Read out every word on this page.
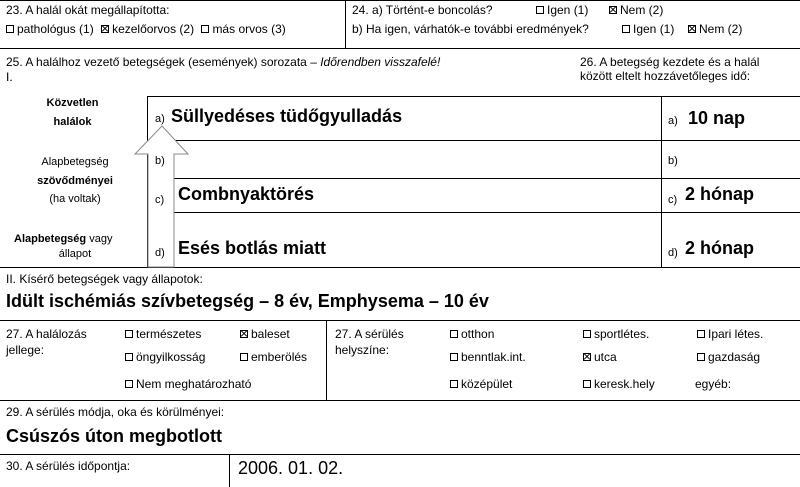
23. A halál okát megállapította:
pathológus (1) kezelőorvos (2) más orvos (3)
24. a) Történt-e boncolás?	Igen (1)	Nem (2)
b) Ha igen, várhatók-e további eredmények?	Igen (1)	Nem (2)
25. A halálhoz vezető betegségek (események) sorozata – Időrendben visszafelé!
I.
26. A betegség kezdete és a halál
között eltelt hozzávetőleges idő:
Közvetlen
halálok
Alapbetegség
szövődményei
(ha voltak)
Alapbetegség vagy
állapot
a) Süllyedéses tüdőgyulladás	a) 10 nap
b)	b)
c) Combnyaktörés	c) 2 hónap
d) Esés botlás miatt	d) 2 hónap
II. Kísérő betegségek vagy állapotok:
Idült ischémiás szívbetegség – 8 év, Emphysema – 10 év
27. A halálozás
jellege:
természetes	baleset
öngyilkosság	emberölés
Nem meghatározható
27. A sérülés
helyszíne:
otthon	sportlétes.	Ipari létes.
benntlak.int.	utca	gazdaság
középület	keresk.hely	egyéb:
29. A sérülés módja, oka és körülményei:
Csúszós úton megbotlott
30. A sérülés időpontja:	2006. 01. 02.
